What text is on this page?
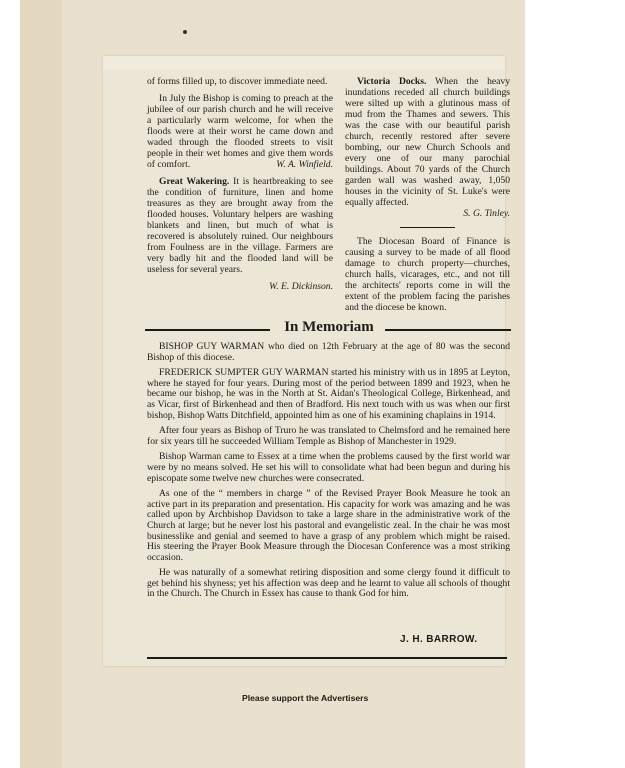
of forms filled up, to discover immediate need.

In July the Bishop is coming to preach at the jubilee of our parish church and he will receive a particularly warm welcome, for when the floods were at their worst he came down and waded through the flooded streets to visit people in their wet homes and give them words of comfort.	W. A. Winfield.

Great Wakering. It is heartbreaking to see the condition of furniture, linen and home treasures as they are brought away from the flooded houses. Voluntary helpers are washing blankets and linen, but much of what is recovered is absolutely ruined. Our neighbours from Foulness are in the village. Farmers are very badly hit and the flooded land will be useless for several years.

W. E. Dickinson.

Victoria Docks. When the heavy inundations receded all church buildings were silted up with a glutinous mass of mud from the Thames and sewers. This was the case with our beautiful parish church, recently restored after severe bombing, our new Church Schools and every one of our many parochial buildings. About 70 yards of the Church garden wall was washed away, 1,050 houses in the vicinity of St. Luke's were equally affected.

S. G. Tinley.

The Diocesan Board of Finance is causing a survey to be made of all flood damage to church property—churches, church halls, vicarages, etc., and not till the architects' reports come in will the extent of the problem facing the parishes and the diocese be known.

In Memoriam

BISHOP GUY WARMAN who died on 12th February at the age of 80 was the second Bishop of this diocese.

FREDERICK SUMPTER GUY WARMAN started his ministry with us in 1895 at Leyton, where he stayed for four years. During most of the period between 1899 and 1923, when he became our bishop, he was in the North at St. Aidan's Theological College, Birkenhead, and as Vicar, first of Birkenhead and then of Bradford. His next touch with us was when our first bishop, Bishop Watts Ditchfield, appointed him as one of his examining chaplains in 1914.

After four years as Bishop of Truro he was translated to Chelmsford and he remained here for six years till he succeeded William Temple as Bishop of Manchester in 1929.

Bishop Warman came to Essex at a time when the problems caused by the first world war were by no means solved. He set his will to consolidate what had been begun and during his episcopate some twelve new churches were consecrated.

As one of the “ members in charge ” of the Revised Prayer Book Measure he took an active part in its preparation and presentation. His capacity for work was amazing and he was called upon by Archbishop Davidson to take a large share in the administrative work of the Church at large; but he never lost his pastoral and evangelistic zeal. In the chair he was most businesslike and genial and seemed to have a grasp of any problem which might be raised. His steering the Prayer Book Measure through the Diocesan Conference was a most striking occasion.

He was naturally of a somewhat retiring disposition and some clergy found it difficult to get behind his shyness; yet his affection was deep and he learnt to value all schools of thought in the Church. The Church in Essex has cause to thank God for him.

J. H. BARROW.
Please support the Advertisers
